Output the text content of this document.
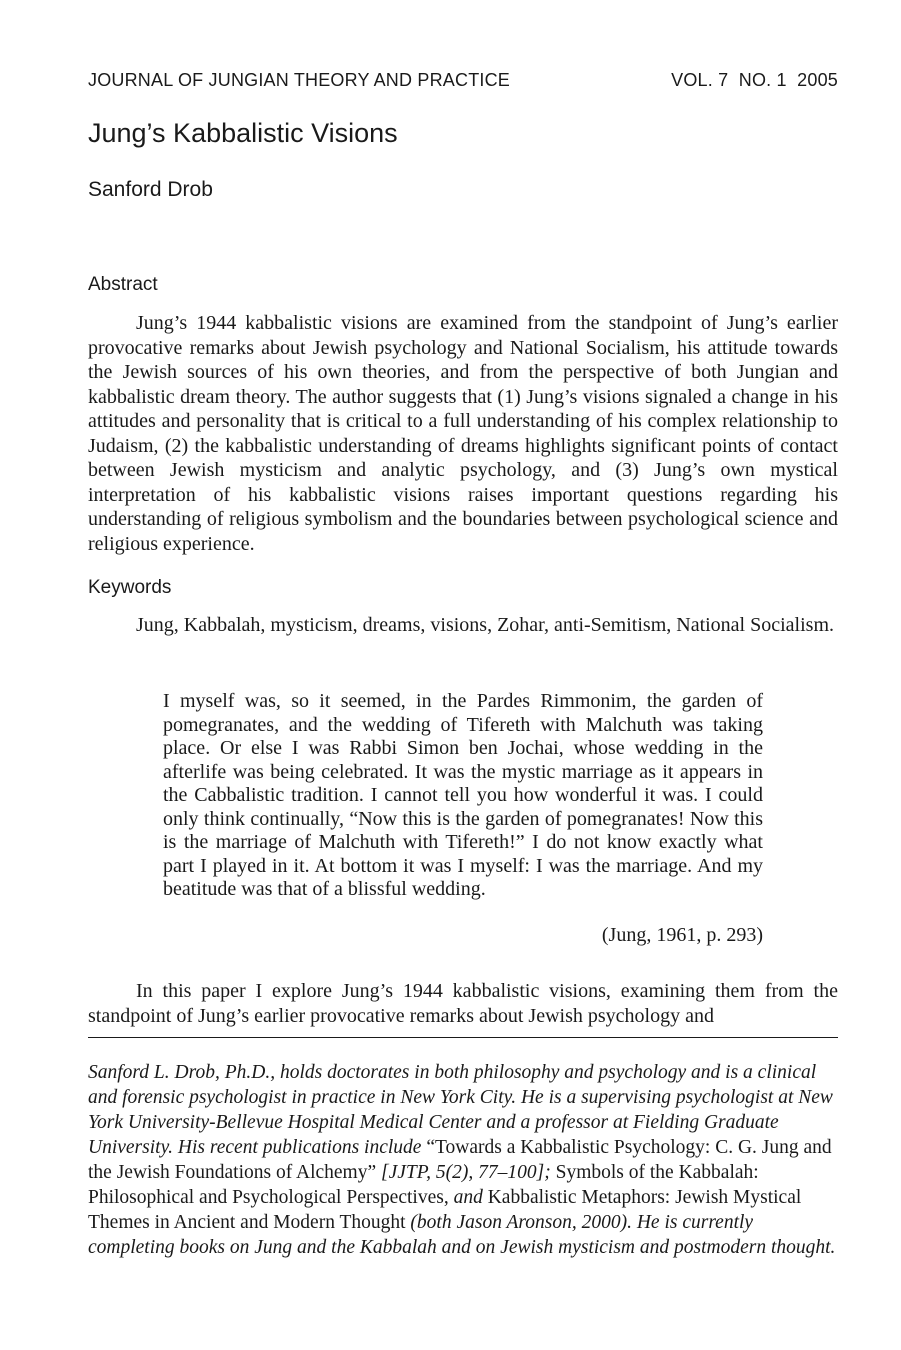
JOURNAL OF JUNGIAN THEORY AND PRACTICE	VOL. 7  NO. 1  2005
Jung’s Kabbalistic Visions
Sanford Drob
Abstract

Jung’s 1944 kabbalistic visions are examined from the standpoint of Jung’s earlier provocative remarks about Jewish psychology and National Socialism, his attitude towards the Jewish sources of his own theories, and from the perspective of both Jungian and kabbalistic dream theory. The author suggests that (1) Jung’s visions signaled a change in his attitudes and personality that is critical to a full understanding of his complex relationship to Judaism, (2) the kabbalistic understanding of dreams highlights significant points of contact between Jewish mysticism and analytic psychology, and (3) Jung’s own mystical interpretation of his kabbalistic visions raises important questions regarding his understanding of religious symbolism and the boundaries between psychological science and religious experience.

Keywords

Jung, Kabbalah, mysticism, dreams, visions, Zohar, anti-Semitism, National Socialism.

I myself was, so it seemed, in the Pardes Rimmonim, the garden of pomegranates, and the wedding of Tifereth with Malchuth was taking place. Or else I was Rabbi Simon ben Jochai, whose wedding in the afterlife was being celebrated. It was the mystic marriage as it appears in the Cabbalistic tradition. I cannot tell you how wonderful it was. I could only think continually, “Now this is the garden of pomegranates! Now this is the marriage of Malchuth with Tifereth!” I do not know exactly what part I played in it. At bottom it was I myself: I was the marriage. And my beatitude was that of a blissful wedding.

(Jung, 1961, p. 293)

In this paper I explore Jung’s 1944 kabbalistic visions, examining them from the standpoint of Jung’s earlier provocative remarks about Jewish psychology and

Sanford L. Drob, Ph.D., holds doctorates in both philosophy and psychology and is a clinical and forensic psychologist in practice in New York City. He is a supervising psychologist at New York University-Bellevue Hospital Medical Center and a professor at Fielding Graduate University. His recent publications include “Towards a Kabbalistic Psychology: C. G. Jung and the Jewish Foundations of Alchemy” [JJTP, 5(2), 77–100]; Symbols of the Kabbalah: Philosophical and Psychological Perspectives, and Kabbalistic Metaphors: Jewish Mystical Themes in Ancient and Modern Thought (both Jason Aronson, 2000). He is currently completing books on Jung and the Kabbalah and on Jewish mysticism and postmodern thought.
